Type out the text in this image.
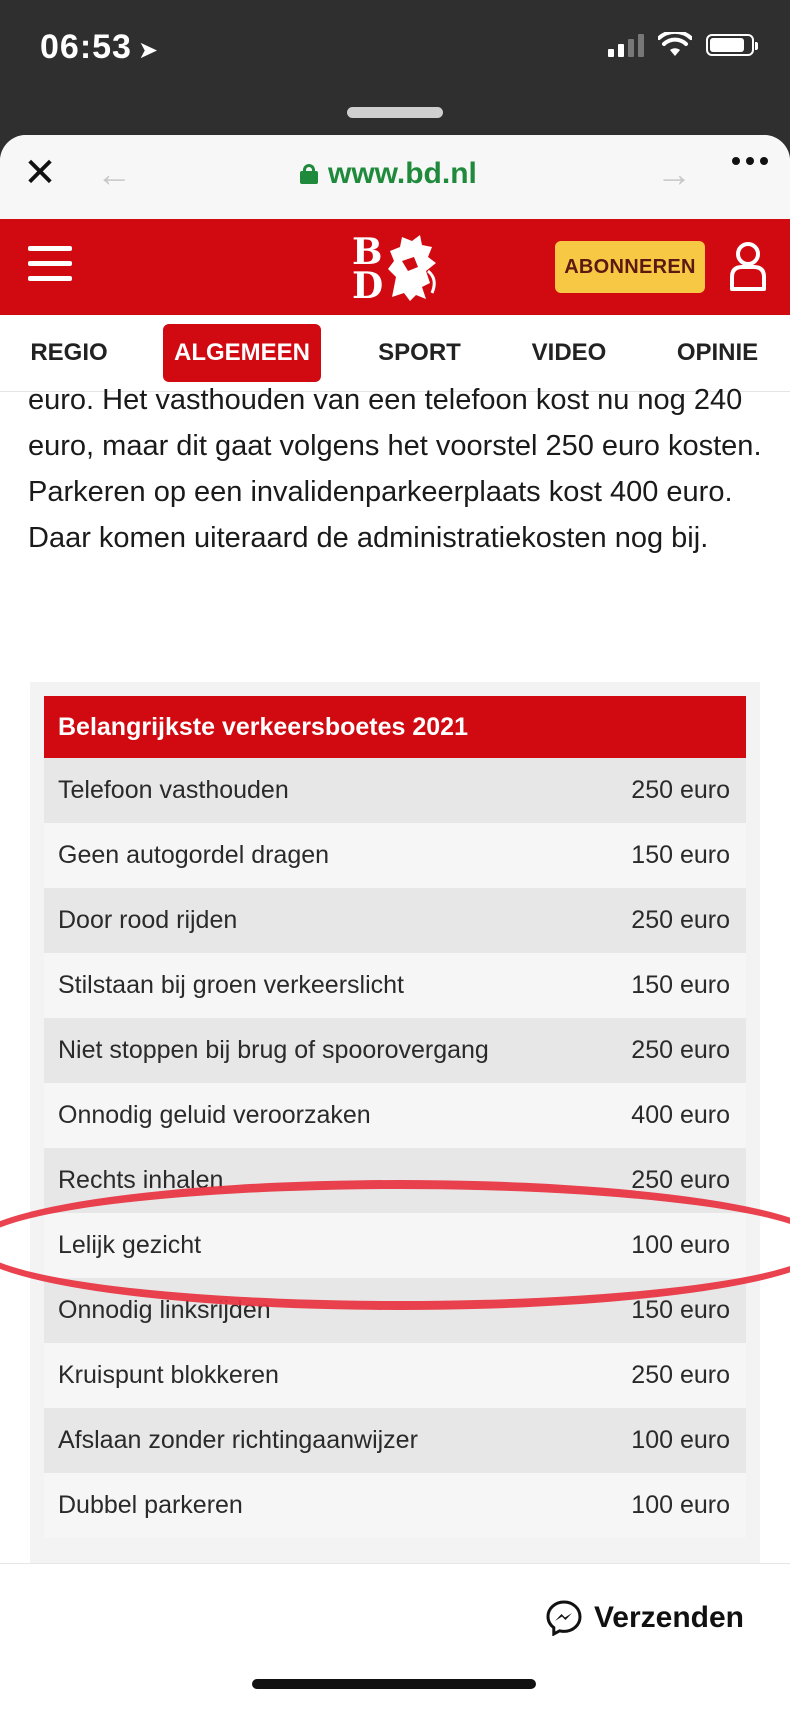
06:53 ➤
✕ ←	www.bd.nl	→
B
D	ABONNEREN
REGIO	ALGEMEEN	SPORT	VIDEO	OPINIE
euro. Het vasthouden van een telefoon kost nu nog 240 euro, maar dit gaat volgens het voorstel 250 euro kosten. Parkeren op een invalidenparkeerplaats kost 400 euro. Daar komen uiteraard de administratiekosten nog bij.
Belangrijkste verkeersboetes 2021
Telefoon vasthouden	250 euro
Geen autogordel dragen	150 euro
Door rood rijden	250 euro
Stilstaan bij groen verkeerslicht	150 euro
Niet stoppen bij brug of spoorovergang	250 euro
Onnodig geluid veroorzaken	400 euro
Rechts inhalen	250 euro
Lelijk gezicht	100 euro
Onnodig linksrijden	150 euro
Kruispunt blokkeren	250 euro
Afslaan zonder richtingaanwijzer	100 euro
Dubbel parkeren	100 euro
Verzenden
